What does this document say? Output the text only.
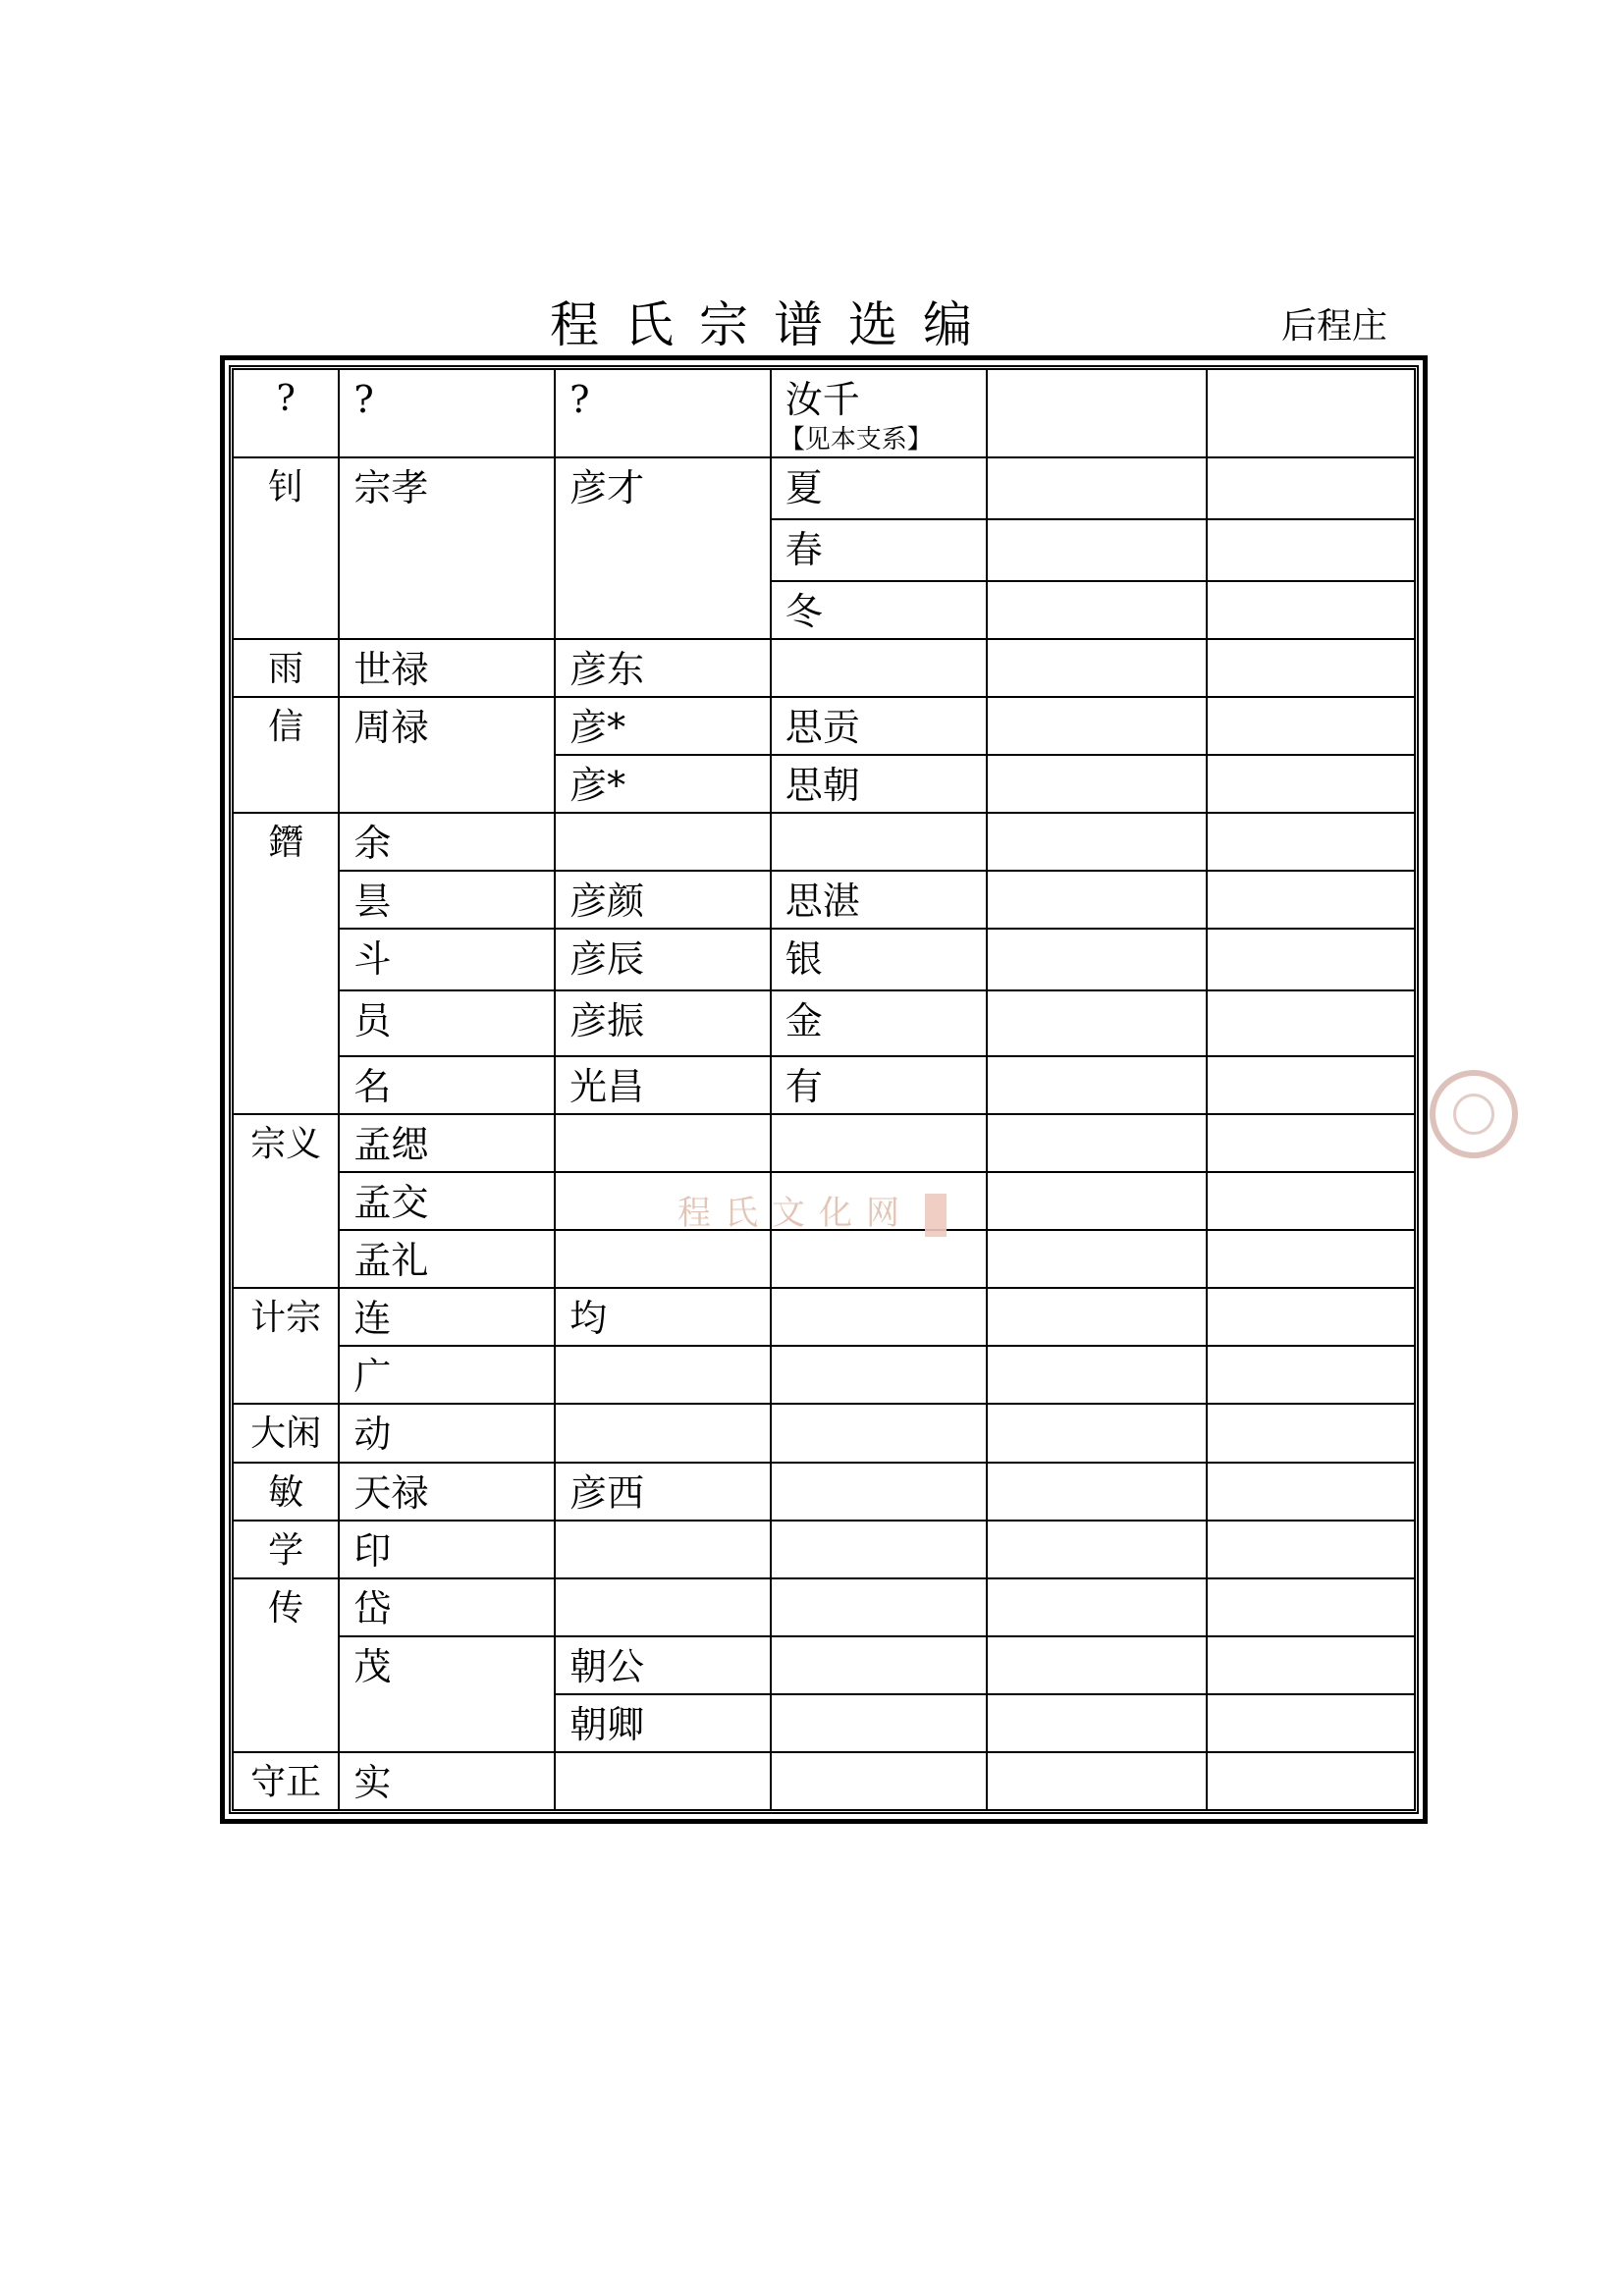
程氏宗谱选编	后程庄
?	?	?	汝千
【见本支系】		

钊	宗孝	彦才	夏		
			春		
			冬		
雨	世禄	彦东			
信	周禄	彦*	思贡		
		彦*	思朝		
鐕	余				
	昙	彦颜	思湛		
	斗	彦辰	银		
	员	彦振	金		
	名	光昌	有		
宗义	孟缌				
	孟交				
	孟礼				
计宗	连	均			
	广				
大闲	动				
敏	天禄	彦西			
学	印				
传	岱				
	茂	朝公			
		朝卿			
守正	实				
程氏文化网
